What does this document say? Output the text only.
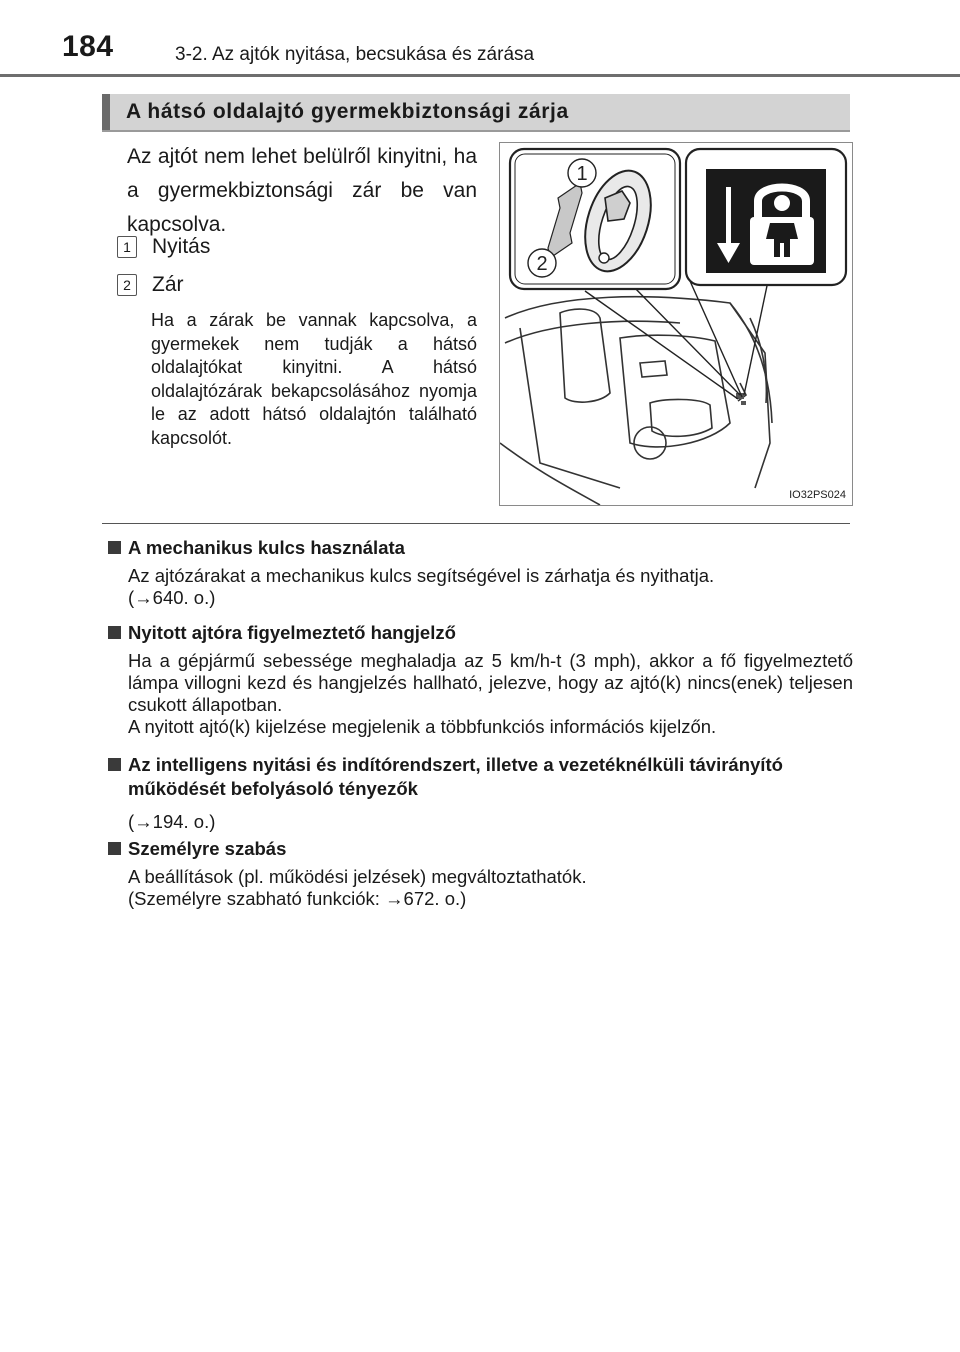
184	3-2. Az ajtók nyitása, becsukása és zárása
A hátsó oldalajtó gyermekbiztonsági zárja
Az ajtót nem lehet belülről kinyitni, ha a gyermekbiztonsági zár be van kapcsolva.
1 Nyitás
2 Zár
Ha a zárak be vannak kapcsolva, a gyermekek nem tudják a hátsó oldalajtókat kinyitni. A hátsó oldalajtózárak bekapcsolásához nyomja le az adott hátsó oldalajtón található kapcsolót.
1
2
IO32PS024
A mechanikus kulcs használata
Az ajtózárakat a mechanikus kulcs segítségével is zárhatja és nyithatja.
(→640. o.)
Nyitott ajtóra figyelmeztető hangjelző
Ha a gépjármű sebessége meghaladja az 5 km/h-t (3 mph), akkor a fő figyelmeztető lámpa villogni kezd és hangjelzés hallható, jelezve, hogy az ajtó(k) nincs(enek) teljesen csukott állapotban.
A nyitott ajtó(k) kijelzése megjelenik a többfunkciós információs kijelzőn.
Az intelligens nyitási és indítórendszert, illetve a vezetéknélküli távirányító működését befolyásoló tényezők
(→194. o.)
Személyre szabás
A beállítások (pl. működési jelzések) megváltoztathatók.
(Személyre szabható funkciók: →672. o.)
